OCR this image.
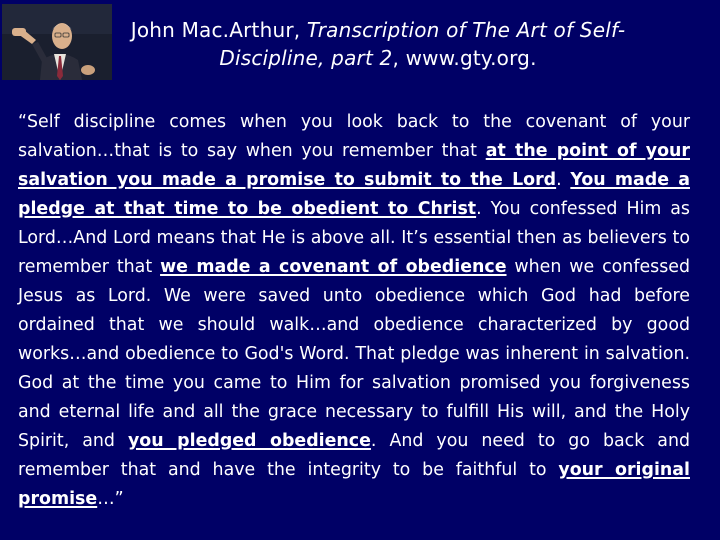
John Mac.Arthur, Transcription of The Art of Self-Discipline, part 2, www.gty.org.
“Self discipline comes when you look back to the covenant of your salvation…that is to say when you remember that at the point of your salvation you made a promise to submit to the Lord. You made a pledge at that time to be obedient to Christ. You confessed Him as Lord…And Lord means that He is above all. It’s essential then as believers to remember that we made a covenant of obedience when we confessed Jesus as Lord. We were saved unto obedience which God had before ordained that we should walk…and obedience characterized by good works…and obedience to God's Word. That pledge was inherent in salvation. God at the time you came to Him for salvation promised you forgiveness and eternal life and all the grace necessary to fulfill His will, and the Holy Spirit, and you pledged obedience. And you need to go back and remember that and have the integrity to be faithful to your original promise…”
